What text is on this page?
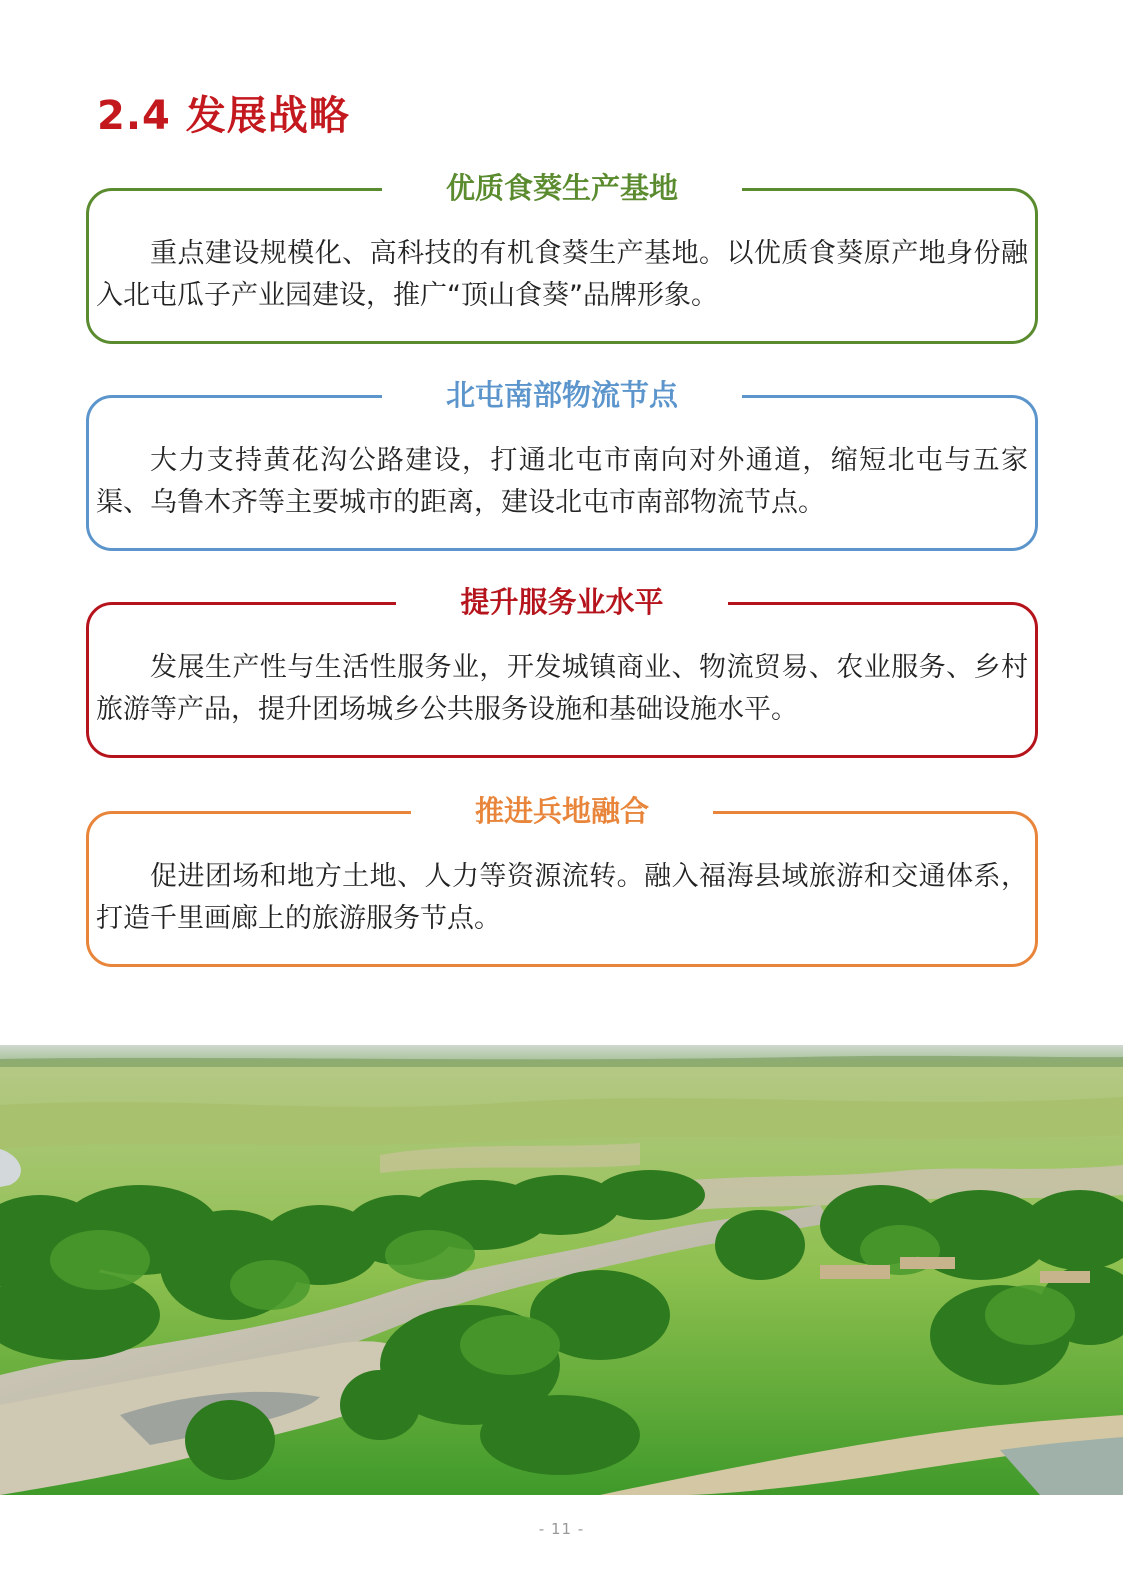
2.4 发展战略
优质食葵生产基地

重点建设规模化、高科技的有机食葵生产基地。以优质食葵原产地身份融入北屯瓜子产业园建设，推广“顶山食葵”品牌形象。

北屯南部物流节点

大力支持黄花沟公路建设，打通北屯市南向对外通道，缩短北屯与五家渠、乌鲁木齐等主要城市的距离，建设北屯市南部物流节点。

提升服务业水平

发展生产性与生活性服务业，开发城镇商业、物流贸易、农业服务、乡村旅游等产品，提升团场城乡公共服务设施和基础设施水平。

推进兵地融合

促进团场和地方土地、人力等资源流转。融入福海县域旅游和交通体系，打造千里画廊上的旅游服务节点。

- 11 -
